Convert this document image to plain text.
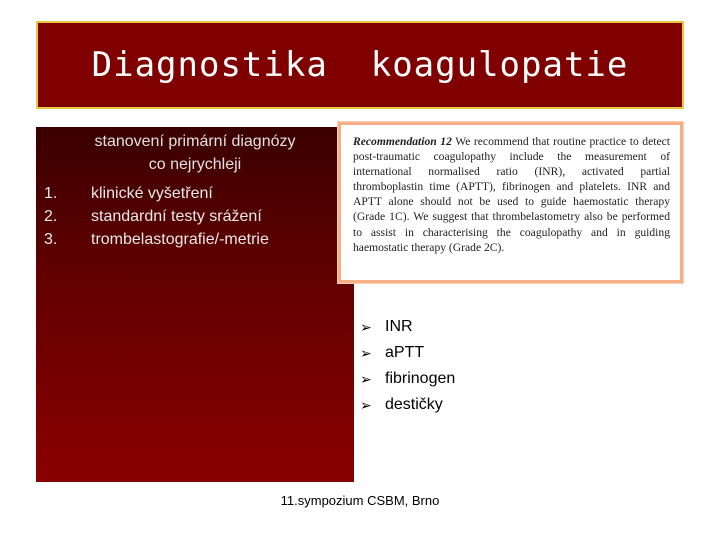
Diagnostika  koagulopatie

stanovení primární diagnózy
co nejrychleji

1. klinické vyšetření
2. standardní testy srážení
3. trombelastografie/-metrie
Recommendation 12 We recommend that routine practice to detect post-traumatic coagulopathy include the measurement of international normalised ratio (INR), activated partial thromboplastin time (APTT), fibrinogen and platelets. INR and APTT alone should not be used to guide haemostatic therapy (Grade 1C). We suggest that thrombelastometry also be performed to assist in characterising the coagulopathy and in guiding haemostatic therapy (Grade 2C).
➢ INR
➢ aPTT
➢ fibrinogen
➢ destičky

11.sympozium CSBM, Brno
